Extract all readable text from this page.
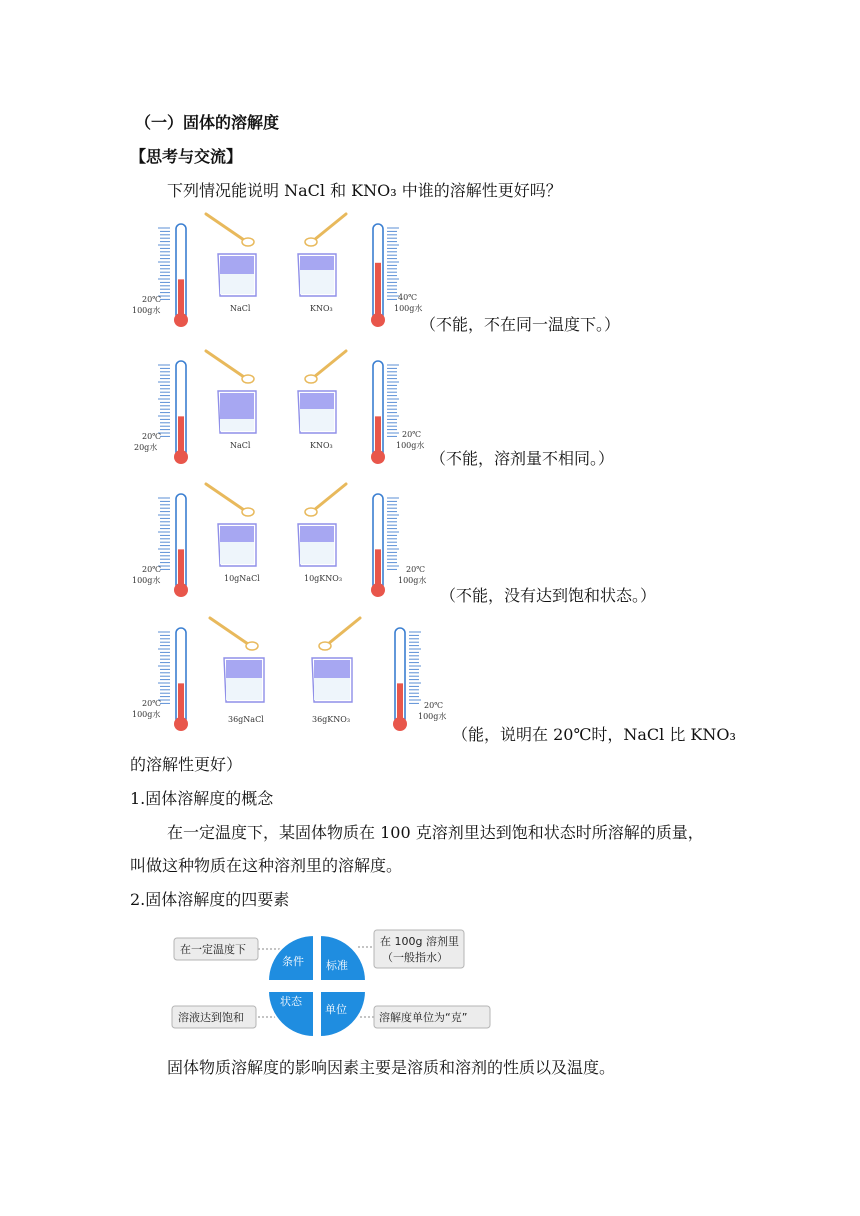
（一）固体的溶解度
【思考与交流】
下列情况能说明 NaCl 和 KNO₃ 中谁的溶解性更好吗？
20℃
100g水	NaCl	KNO₃
40℃
100g水
（不能，不在同一温度下。）
20℃
20g水	NaCl	KNO₃
20℃
100g水
（不能，溶剂量不相同。）
20℃
100g水	10gNaCl	10gKNO₃
20℃
100g水
（不能，没有达到饱和状态。）
20℃
100g水
36gNaCl	36gKNO₃
20℃
100g水
（能，说明在 20℃时，NaCl 比 KNO₃
的溶解性更好）
1.固体溶解度的概念
在一定温度下，某固体物质在 100 克溶剂里达到饱和状态时所溶解的质量，
叫做这种物质在这种溶剂里的溶解度。
2.固体溶解度的四要素
在一定温度下
在 100g 溶剂里
（一般指水）
溶液达到饱和	溶解度单位为“克”
条件 标准
状态
单位
固体物质溶解度的影响因素主要是溶质和溶剂的性质以及温度。
